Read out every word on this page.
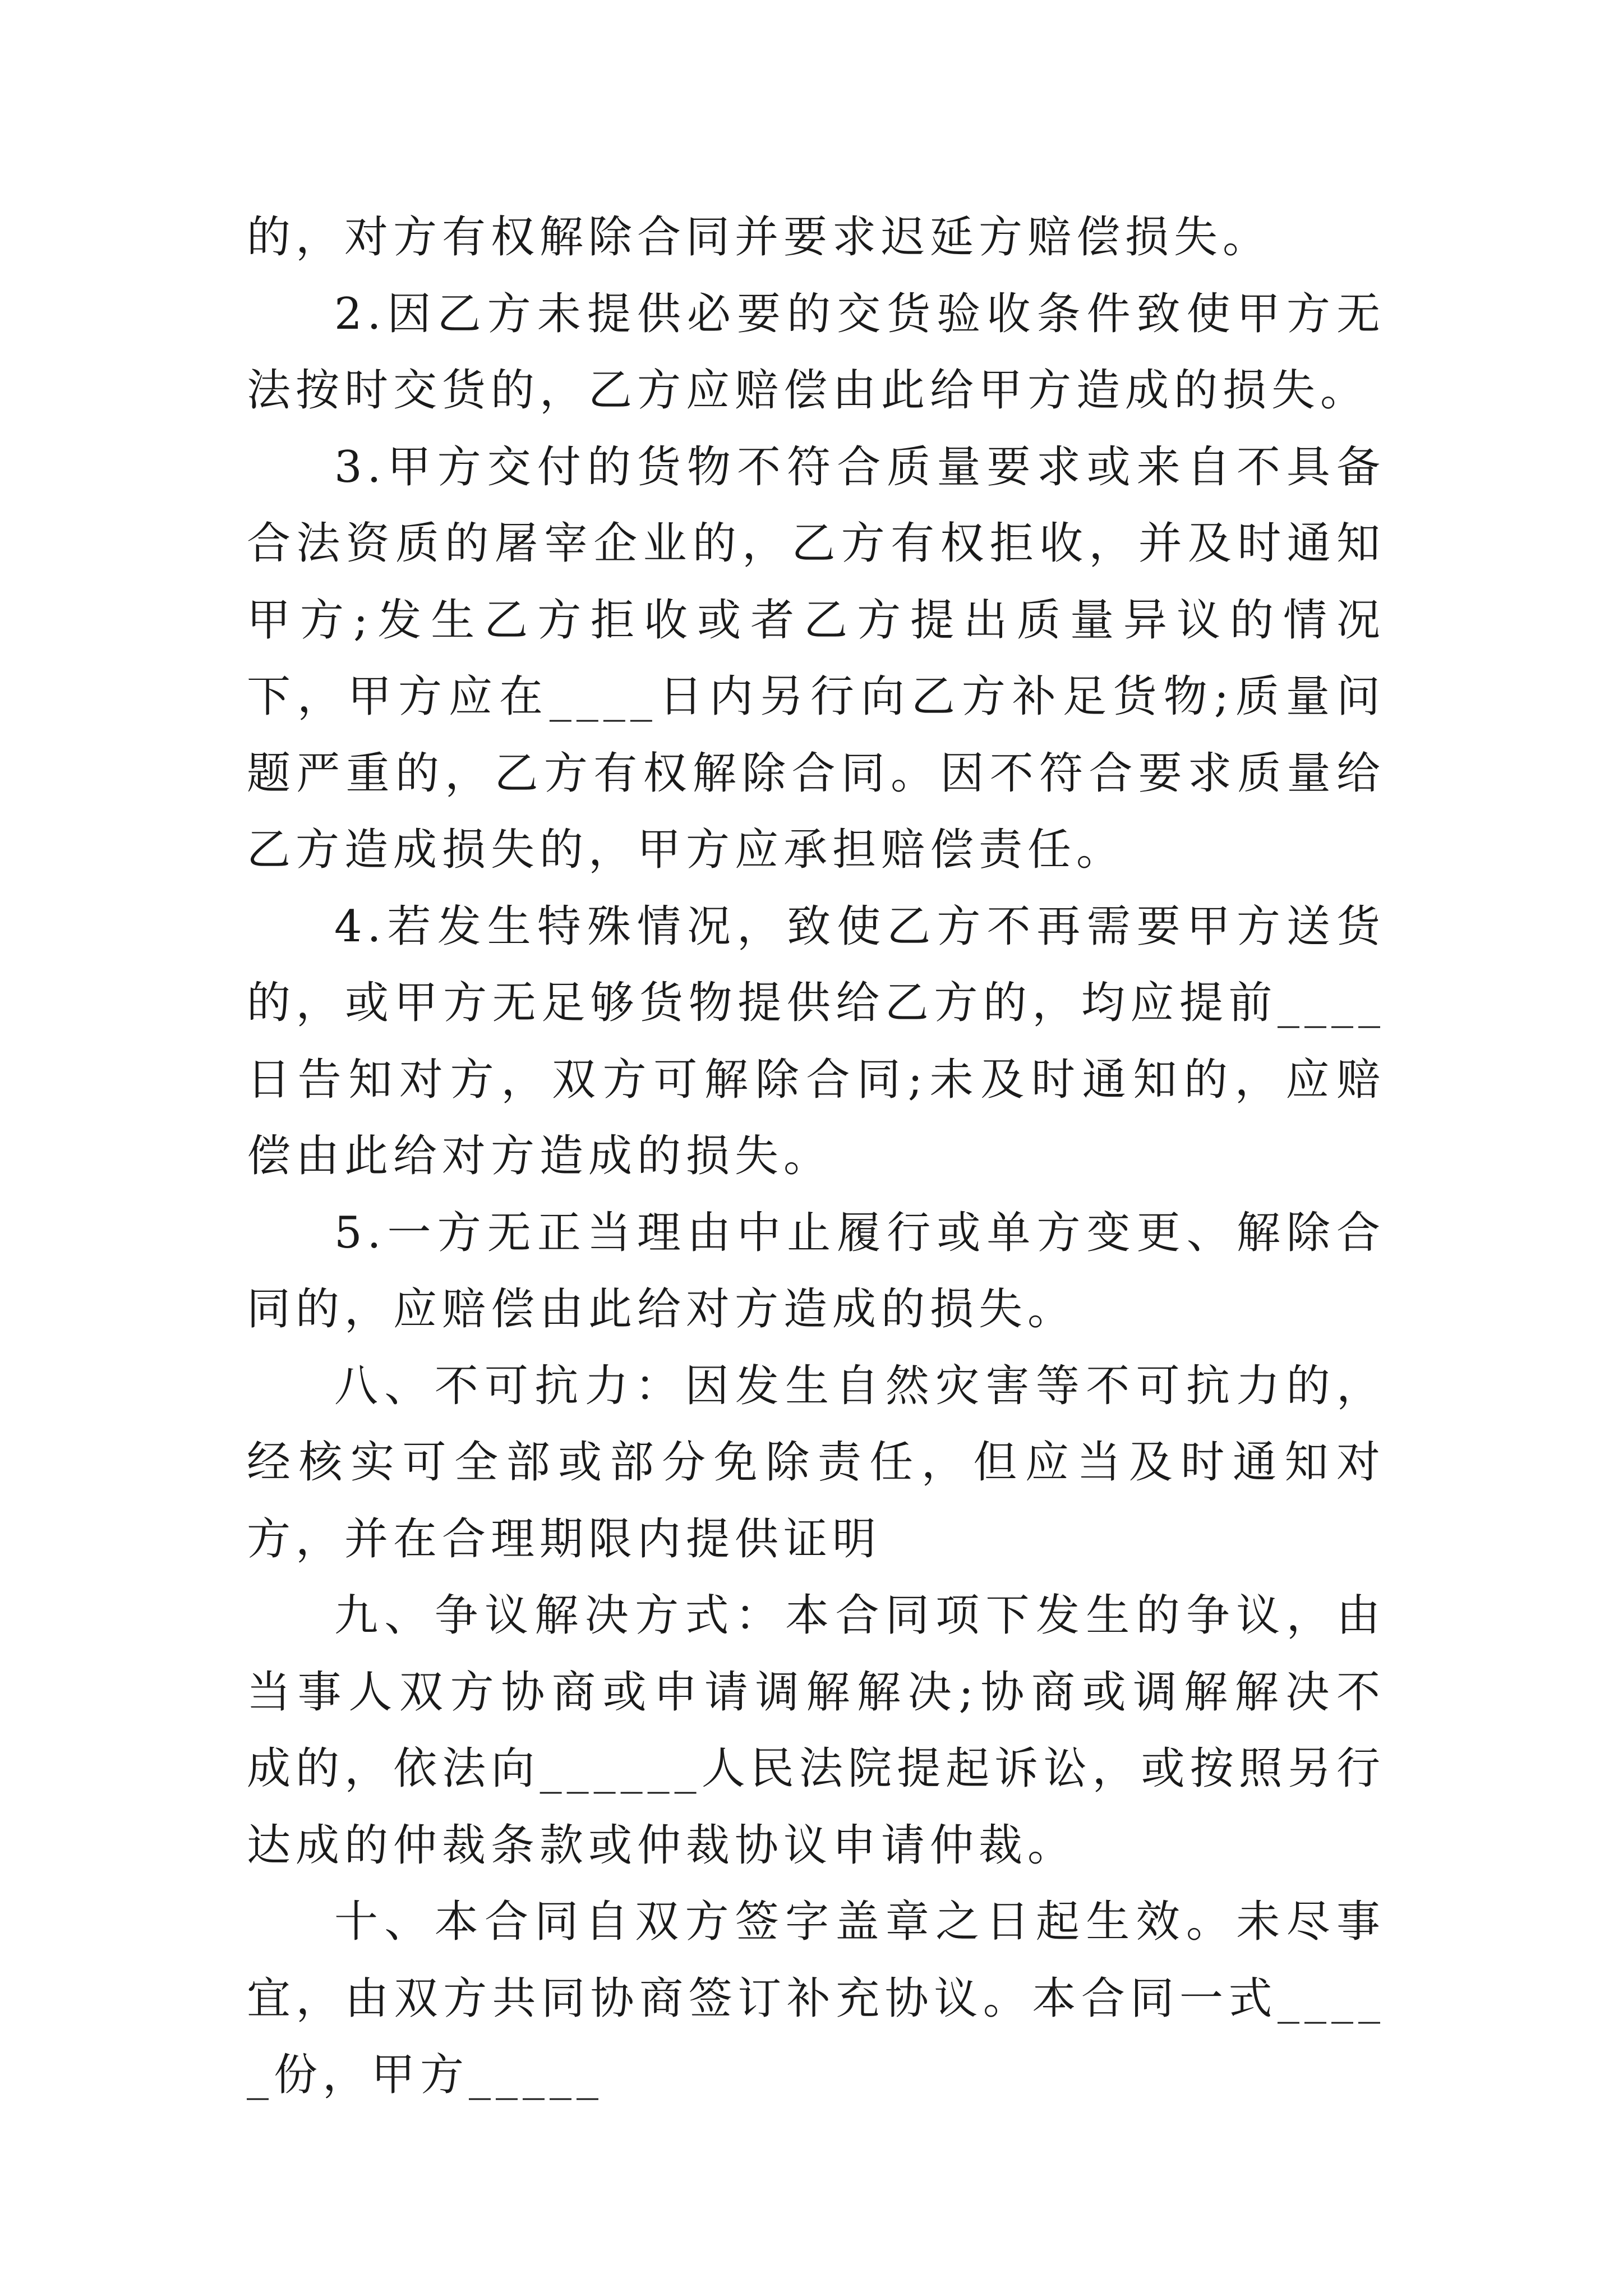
的，对方有权解除合同并要求迟延方赔偿损失。

2.因乙方未提供必要的交货验收条件致使甲方无法按时交货的，乙方应赔偿由此给甲方造成的损失。

3.甲方交付的货物不符合质量要求或来自不具备合法资质的屠宰企业的，乙方有权拒收，并及时通知甲方;发生乙方拒收或者乙方提出质量异议的情况下，甲方应在____日内另行向乙方补足货物;质量问题严重的，乙方有权解除合同。因不符合要求质量给乙方造成损失的，甲方应承担赔偿责任。

4.若发生特殊情况，致使乙方不再需要甲方送货的，或甲方无足够货物提供给乙方的，均应提前____日告知对方，双方可解除合同;未及时通知的，应赔偿由此给对方造成的损失。

5.一方无正当理由中止履行或单方变更、解除合同的，应赔偿由此给对方造成的损失。

八、不可抗力：因发生自然灾害等不可抗力的，经核实可全部或部分免除责任，但应当及时通知对方，并在合理期限内提供证明

九、争议解决方式：本合同项下发生的争议，由当事人双方协商或申请调解解决;协商或调解解决不成的，依法向______人民法院提起诉讼，或按照另行达成的仲裁条款或仲裁协议申请仲裁。

十、本合同自双方签字盖章之日起生效。未尽事宜，由双方共同协商签订补充协议。本合同一式_____份，甲方_____
